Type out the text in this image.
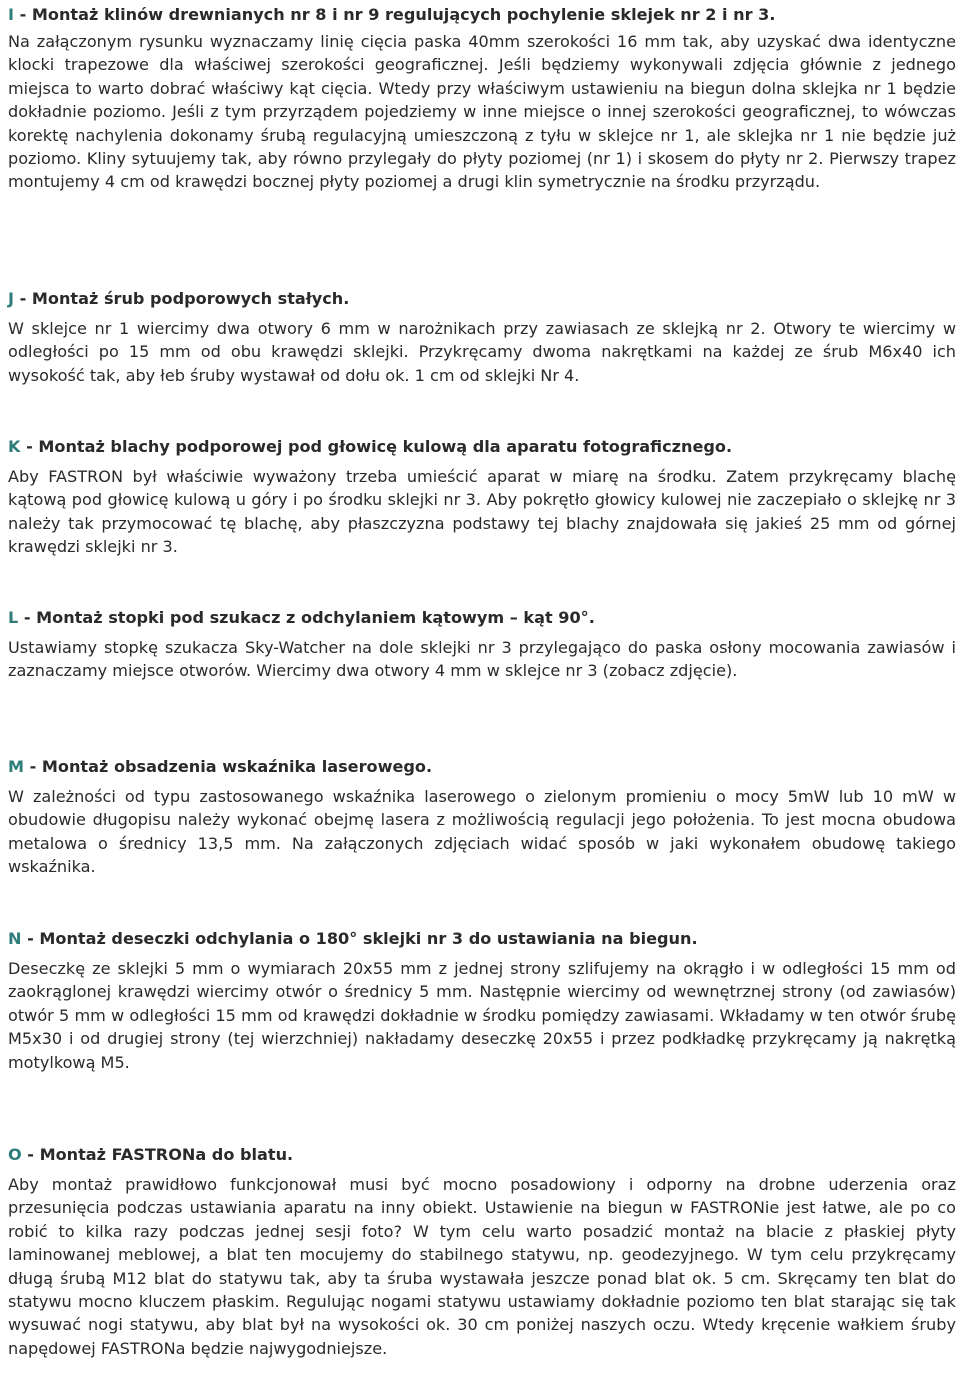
I - Montaż klinów drewnianych nr 8 i nr 9 regulujących pochylenie sklejek nr 2 i nr 3.

Na załączonym rysunku wyznaczamy linię cięcia paska 40mm szerokości 16 mm tak, aby uzyskać dwa identyczne klocki trapezowe dla właściwej szerokości geograficznej. Jeśli będziemy wykonywali zdjęcia głównie z jednego miejsca to warto dobrać właściwy kąt cięcia. Wtedy przy właściwym ustawieniu na biegun dolna sklejka nr 1 będzie dokładnie poziomo. Jeśli z tym przyrządem pojedziemy w inne miejsce o innej szerokości geograficznej, to wówczas korektę nachylenia dokonamy śrubą regulacyjną umieszczoną z tyłu w sklejce nr 1, ale sklejka nr 1 nie będzie już poziomo. Kliny sytuujemy tak, aby równo przylegały do płyty poziomej (nr 1) i skosem do płyty nr 2. Pierwszy trapez montujemy 4 cm od krawędzi bocznej płyty poziomej a drugi klin symetrycznie na środku przyrządu.

J - Montaż śrub podporowych stałych.

W sklejce nr 1 wiercimy dwa otwory 6 mm w narożnikach przy zawiasach ze sklejką nr 2. Otwory te wiercimy w odległości po 15 mm od obu krawędzi sklejki. Przykręcamy dwoma nakrętkami na każdej ze śrub M6x40 ich wysokość tak, aby łeb śruby wystawał od dołu ok. 1 cm od sklejki Nr 4.

K - Montaż blachy podporowej pod głowicę kulową dla aparatu fotograficznego.

Aby FASTRON był właściwie wyważony trzeba umieścić aparat w miarę na środku. Zatem przykręcamy blachę kątową pod głowicę kulową u góry i po środku sklejki nr 3. Aby pokrętło głowicy kulowej nie zaczepiało o sklejkę nr 3 należy tak przymocować tę blachę, aby płaszczyzna podstawy tej blachy znajdowała się jakieś 25 mm od górnej krawędzi sklejki nr 3.

L - Montaż stopki pod szukacz z odchylaniem kątowym – kąt 90°.

Ustawiamy stopkę szukacza Sky-Watcher na dole sklejki nr 3 przylegająco do paska osłony mocowania zawiasów i zaznaczamy miejsce otworów. Wiercimy dwa otwory 4 mm w sklejce nr 3 (zobacz zdjęcie).

M - Montaż obsadzenia wskaźnika laserowego.

W zależności od typu zastosowanego wskaźnika laserowego o zielonym promieniu o mocy 5mW lub 10 mW w obudowie długopisu należy wykonać obejmę lasera z możliwością regulacji jego położenia. To jest mocna obudowa metalowa o średnicy 13,5 mm. Na załączonych zdjęciach widać sposób w jaki wykonałem obudowę takiego wskaźnika.

N - Montaż deseczki odchylania o 180° sklejki nr 3 do ustawiania na biegun.

Deseczkę ze sklejki 5 mm o wymiarach 20x55 mm z jednej strony szlifujemy na okrągło i w odległości 15 mm od zaokrąglonej krawędzi wiercimy otwór o średnicy 5 mm. Następnie wiercimy od wewnętrznej strony (od zawiasów) otwór 5 mm w odległości 15 mm od krawędzi dokładnie w środku pomiędzy zawiasami. Wkładamy w ten otwór śrubę M5x30 i od drugiej strony (tej wierzchniej) nakładamy deseczkę 20x55 i przez podkładkę przykręcamy ją nakrętką motylkową M5.

O - Montaż FASTRONa do blatu.

Aby montaż prawidłowo funkcjonował musi być mocno posadowiony i odporny na drobne uderzenia oraz przesunięcia podczas ustawiania aparatu na inny obiekt. Ustawienie na biegun w FASTRONie jest łatwe, ale po co robić to kilka razy podczas jednej sesji foto? W tym celu warto posadzić montaż na blacie z płaskiej płyty laminowanej meblowej, a blat ten mocujemy do stabilnego statywu, np. geodezyjnego. W tym celu przykręcamy długą śrubą M12 blat do statywu tak, aby ta śruba wystawała jeszcze ponad blat ok. 5 cm. Skręcamy ten blat do statywu mocno kluczem płaskim. Regulując nogami statywu ustawiamy dokładnie poziomo ten blat starając się tak wysuwać nogi statywu, aby blat był na wysokości ok. 30 cm poniżej naszych oczu. Wtedy kręcenie wałkiem śruby napędowej FASTRONa będzie najwygodniejsze.
